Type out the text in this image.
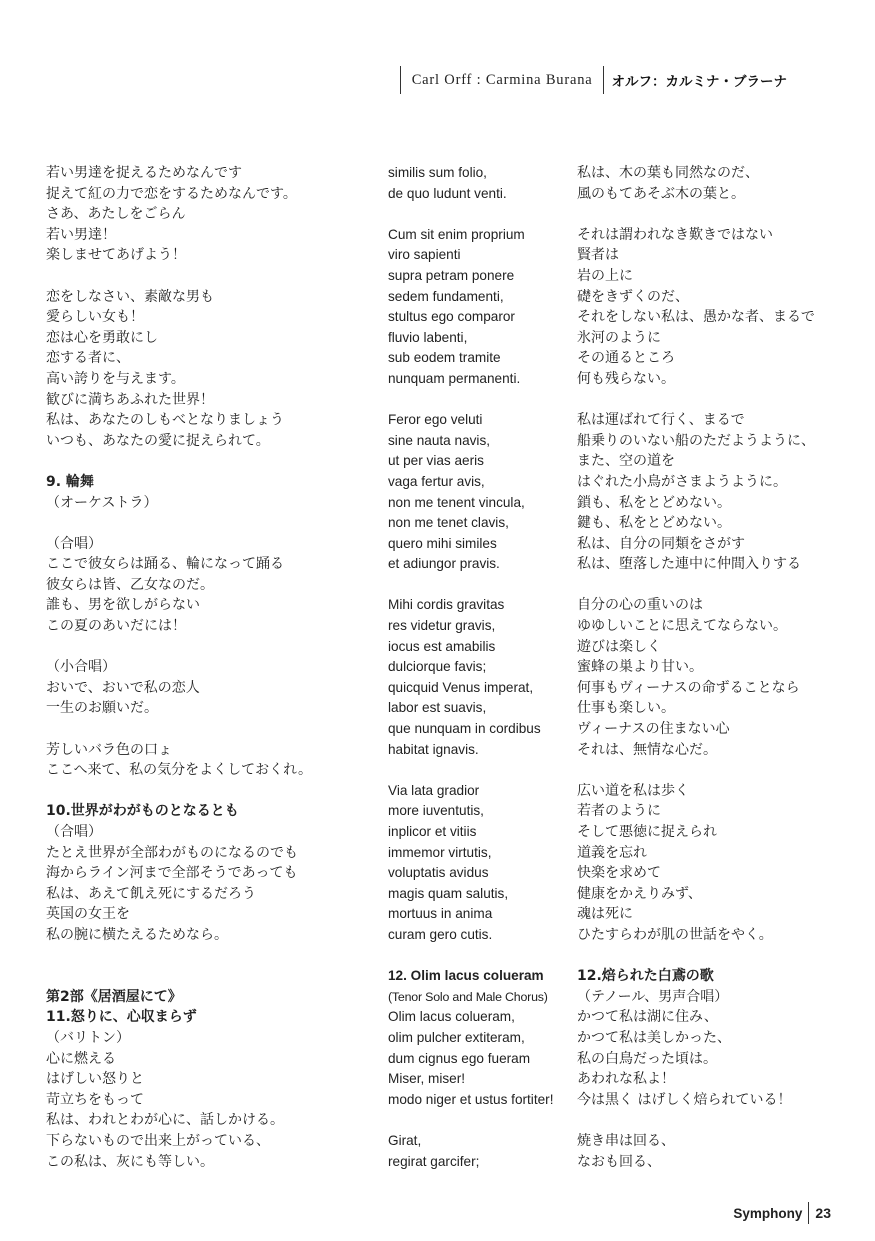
Carl Orff : Carmina Burana	オルフ：カルミナ・ブラーナ
若い男達を捉えるためなんです
捉えて紅の力で恋をするためなんです。
さあ、あたしをごらん
若い男達！
楽しませてあげよう！
恋をしなさい、素敵な男も
愛らしい女も！
恋は心を勇敢にし
恋する者に、
高い誇りを与えます。
歓びに満ちあふれた世界！
私は、あなたのしもべとなりましょう
いつも、あなたの愛に捉えられて。
9. 輪舞
（オーケストラ）
（合唱）
ここで彼女らは踊る、輪になって踊る
彼女らは皆、乙女なのだ。
誰も、男を欲しがらない
この夏のあいだには！
（小合唱）
おいで、おいで私の恋人
一生のお願いだ。
芳しいバラ色の口ょ
ここへ来て、私の気分をよくしておくれ。
10.世界がわがものとなるとも
（合唱）
たとえ世界が全部わがものになるのでも
海からライン河まで全部そうであっても
私は、あえて飢え死にするだろう
英国の女王を
私の腕に横たえるためなら。
第2部《居酒屋にて》
11.怒りに、心収まらず
（バリトン）
心に燃える
はげしい怒りと
苛立ちをもって
私は、われとわが心に、話しかける。
下らないもので出来上がっている、
この私は、灰にも等しい。
similis sum folio,
de quo ludunt venti.
Cum sit enim proprium
viro sapienti
supra petram ponere
sedem fundamenti,
stultus ego comparor
fluvio labenti,
sub eodem tramite
nunquam permanenti.
Feror ego veluti
sine nauta navis,
ut per vias aeris
vaga fertur avis,
non me tenent vincula,
non me tenet clavis,
quero mihi similes
et adiungor pravis.
Mihi cordis gravitas
res videtur gravis,
iocus est amabilis
dulciorque favis;
quicquid Venus imperat,
labor est suavis,
que nunquam in cordibus
habitat ignavis.
Via lata gradior
more iuventutis,
inplicor et vitiis
immemor virtutis,
voluptatis avidus
magis quam salutis,
mortuus in anima
curam gero cutis.
12. Olim lacus colueram
(Tenor Solo and Male Chorus)
Olim lacus colueram,
olim pulcher extiteram,
dum cignus ego fueram
Miser, miser!
modo niger et ustus fortiter!
Girat,
regirat garcifer;
私は、木の葉も同然なのだ、
風のもてあそぶ木の葉と。
それは謂われなき歎きではない
賢者は
岩の上に
礎をきずくのだ、
それをしない私は、愚かな者、まるで
氷河のように
その通るところ
何も残らない。
私は運ばれて行く、まるで
船乗りのいない船のただようように、
また、空の道を
はぐれた小鳥がさまようように。
鎖も、私をとどめない。
鍵も、私をとどめない。
私は、自分の同類をさがす
私は、堕落した連中に仲間入りする
自分の心の重いのは
ゆゆしいことに思えてならない。
遊びは楽しく
蜜蜂の巣より甘い。
何事もヴィーナスの命ずることなら
仕事も楽しい。
ヴィーナスの住まない心
それは、無情な心だ。
広い道を私は歩く
若者のように
そして悪徳に捉えられ
道義を忘れ
快楽を求めて
健康をかえりみず、
魂は死に
ひたすらわが肌の世話をやく。
12.焙られた白鳶の歌
（テノール、男声合唱）
かつて私は湖に住み、
かつて私は美しかった、
私の白鳥だった頃は。
あわれな私よ！
今は黒く はげしく焙られている！
焼き串は回る、
なおも回る、
Symphony 23
